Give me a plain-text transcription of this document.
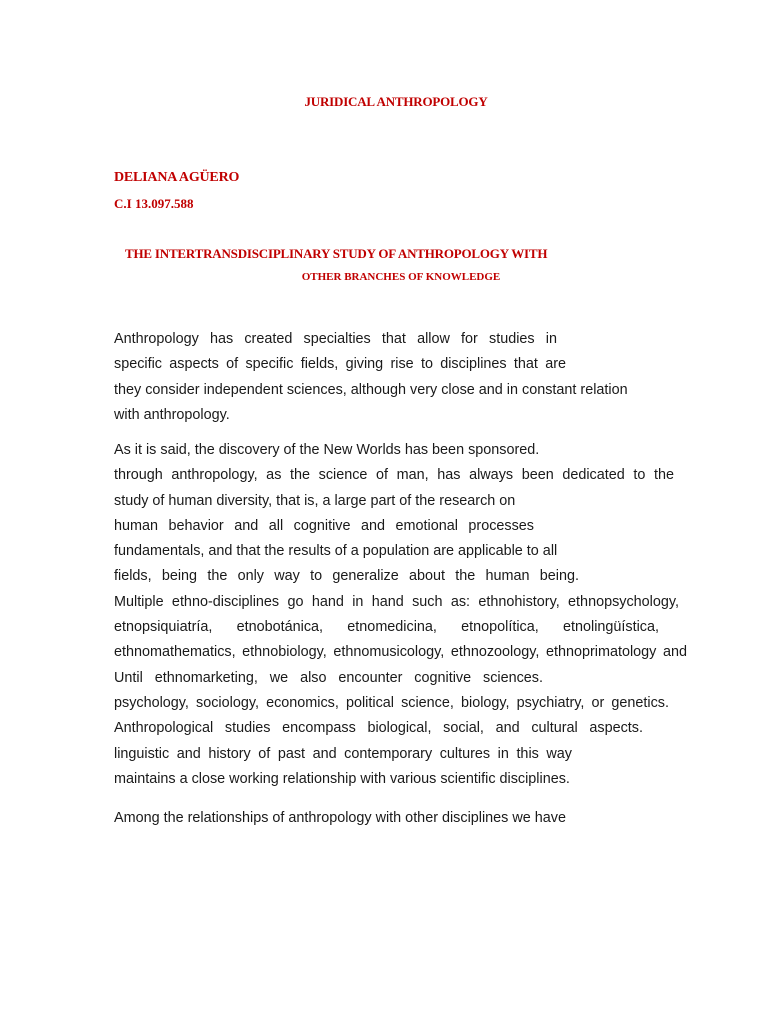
JURIDICAL ANTHROPOLOGY
DELIANA AGÜERO
C.I 13.097.588
THE INTERTRANSDISCIPLINARY STUDY OF ANTHROPOLOGY WITH
OTHER BRANCHES OF KNOWLEDGE
Anthropology has created specialties that allow for studies in
specific aspects of specific fields, giving rise to disciplines that are
they consider independent sciences, although very close and in constant relation
with anthropology.
As it is said, the discovery of the New Worlds has been sponsored.
through anthropology, as the science of man, has always been dedicated to the
study of human diversity, that is, a large part of the research on
human behavior and all cognitive and emotional processes
fundamentals, and that the results of a population are applicable to all
fields, being the only way to generalize about the human being.
Multiple ethno-disciplines go hand in hand such as: ethnohistory, ethnopsychology,
etnopsiquiatría, etnobotánica, etnomedicina, etnopolítica, etnolingüística,
ethnomathematics, ethnobiology, ethnomusicology, ethnozoology, ethnoprimatology and
Until ethnomarketing, we also encounter cognitive sciences.
psychology, sociology, economics, political science, biology, psychiatry, or genetics.
Anthropological studies encompass biological, social, and cultural aspects.
linguistic and history of past and contemporary cultures in this way
maintains a close working relationship with various scientific disciplines.
Among the relationships of anthropology with other disciplines we have
